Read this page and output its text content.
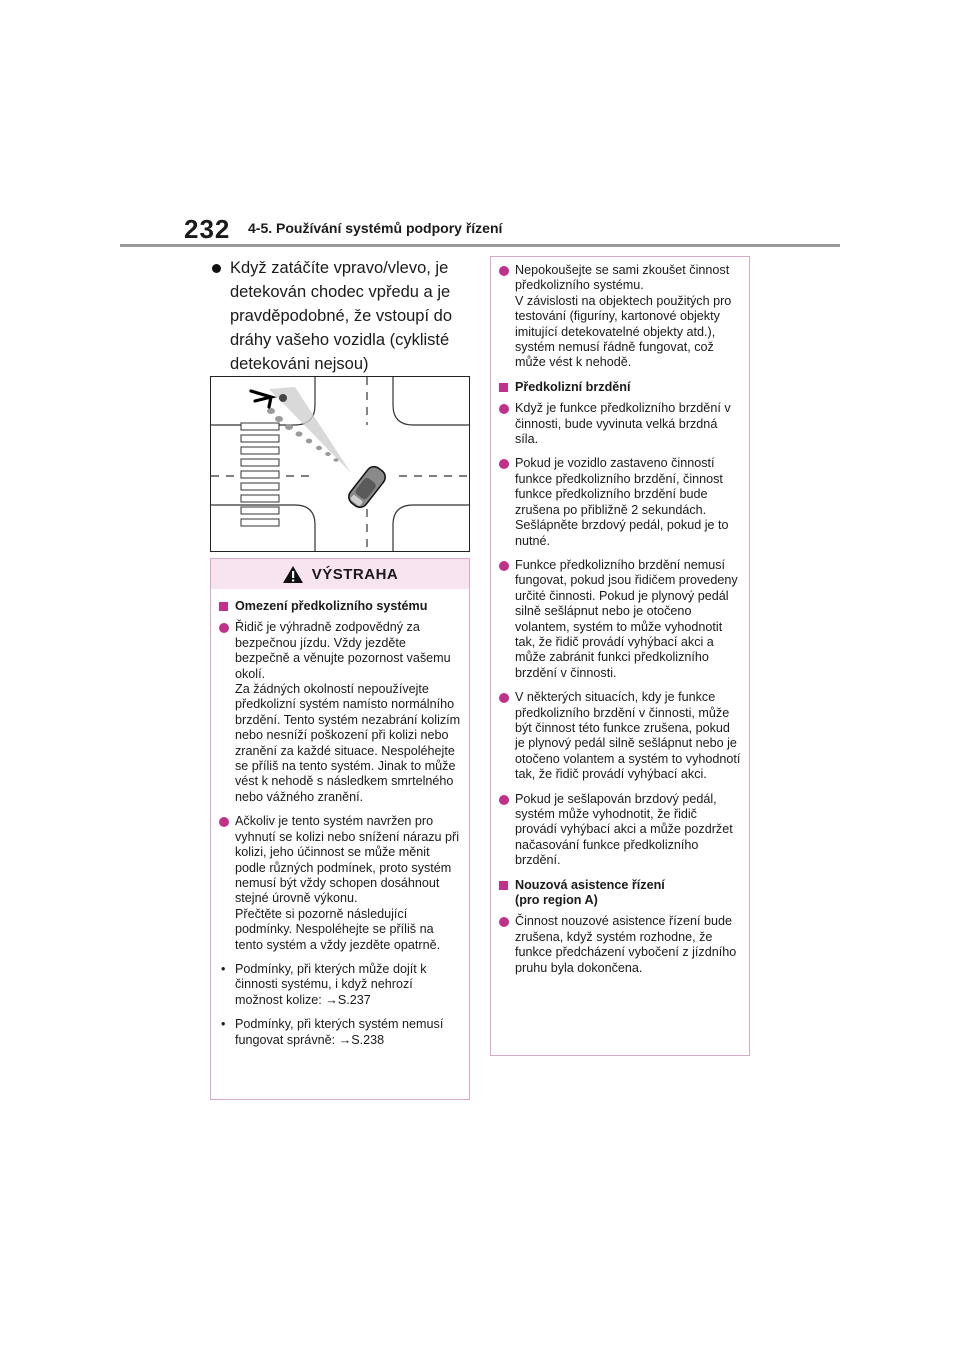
232 4-5. Používání systémů podpory řízení
Když zatáčíte vpravo/vlevo, je detekován chodec vpředu a je pravděpodobné, že vstoupí do dráhy vašeho vozidla (cyklisté detekováni nejsou)
VÝSTRAHA
Omezení předkolizního systému
Řidič je výhradně zodpovědný za bezpečnou jízdu. Vždy jezděte bezpečně a věnujte pozornost vašemu okolí.
Za žádných okolností nepoužívejte předkolizní systém namísto normálního brzdění. Tento systém nezabrání kolizím nebo nesníží poškození při kolizi nebo zranění za každé situace. Nespoléhejte se příliš na tento systém. Jinak to může vést k nehodě s následkem smrtelného nebo vážného zranění.
Ačkoliv je tento systém navržen pro vyhnutí se kolizi nebo snížení nárazu při kolizi, jeho účinnost se může měnit podle různých podmínek, proto systém nemusí být vždy schopen dosáhnout stejné úrovně výkonu.
Přečtěte si pozorně následující podmínky. Nespoléhejte se příliš na tento systém a vždy jezděte opatrně.
• Podmínky, při kterých může dojít k činnosti systému, i když nehrozí možnost kolize: →S.237
• Podmínky, při kterých systém nemusí fungovat správně: →S.238
Nepokoušejte se sami zkoušet činnost předkolizního systému.
V závislosti na objektech použitých pro testování (figuríny, kartonové objekty imitující detekovatelné objekty atd.), systém nemusí řádně fungovat, což může vést k nehodě.
Předkolizní brzdění
Když je funkce předkolizního brzdění v činnosti, bude vyvinuta velká brzdná síla.
Pokud je vozidlo zastaveno činností funkce předkolizního brzdění, činnost funkce předkolizního brzdění bude zrušena po přibližně 2 sekundách. Sešlápněte brzdový pedál, pokud je to nutné.
Funkce předkolizního brzdění nemusí fungovat, pokud jsou řidičem provedeny určité činnosti. Pokud je plynový pedál silně sešlápnut nebo je otočeno volantem, systém to může vyhodnotit tak, že řidič provádí vyhýbací akci a může zabránit funkci předkolizního brzdění v činnosti.
V některých situacích, kdy je funkce předkolizního brzdění v činnosti, může být činnost této funkce zrušena, pokud je plynový pedál silně sešlápnut nebo je otočeno volantem a systém to vyhodnotí tak, že řidič provádí vyhýbací akci.
Pokud je sešlapován brzdový pedál, systém může vyhodnotit, že řidič provádí vyhýbací akci a může pozdržet načasování funkce předkolizního brzdění.
Nouzová asistence řízení
(pro region A)
Činnost nouzové asistence řízení bude zrušena, když systém rozhodne, že funkce předcházení vybočení z jízdního pruhu byla dokončena.
